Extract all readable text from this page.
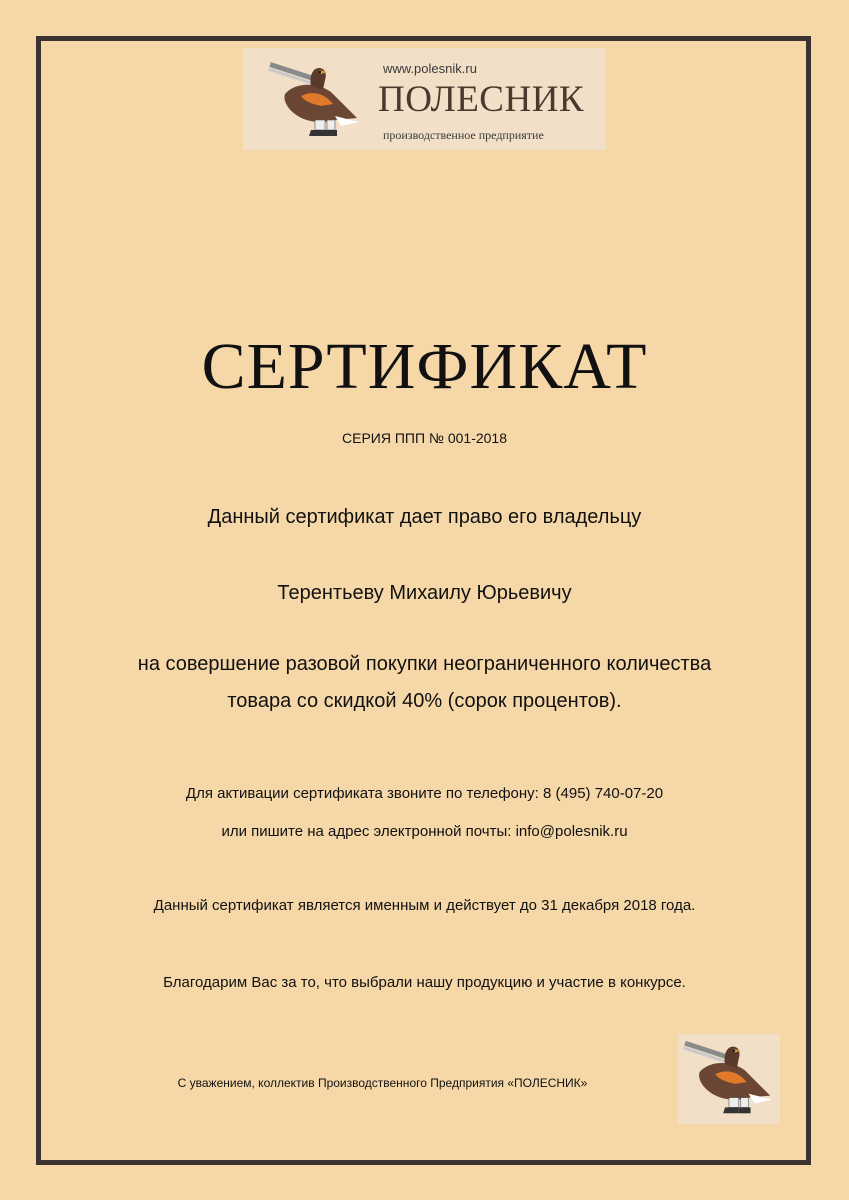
www.polesnik.ru
ПОЛЕСНИК
производственное предприятие
СЕРТИФИКАТ
СЕРИЯ ППП № 001-2018
Данный сертификат дает право его владельцу
Терентьеву Михаилу Юрьевичу
на совершение разовой покупки неограниченного количества
товара со скидкой 40% (сорок процентов).
Для активации сертификата звоните по телефону: 8 (495) 740-07-20
или пишите на адрес электронной почты: info@polesnik.ru
Данный сертификат является именным и действует до 31 декабря 2018 года.
Благодарим Вас за то, что выбрали нашу продукцию и участие в конкурсе.
С уважением, коллектив Производственного Предприятия «ПОЛЕСНИК»
